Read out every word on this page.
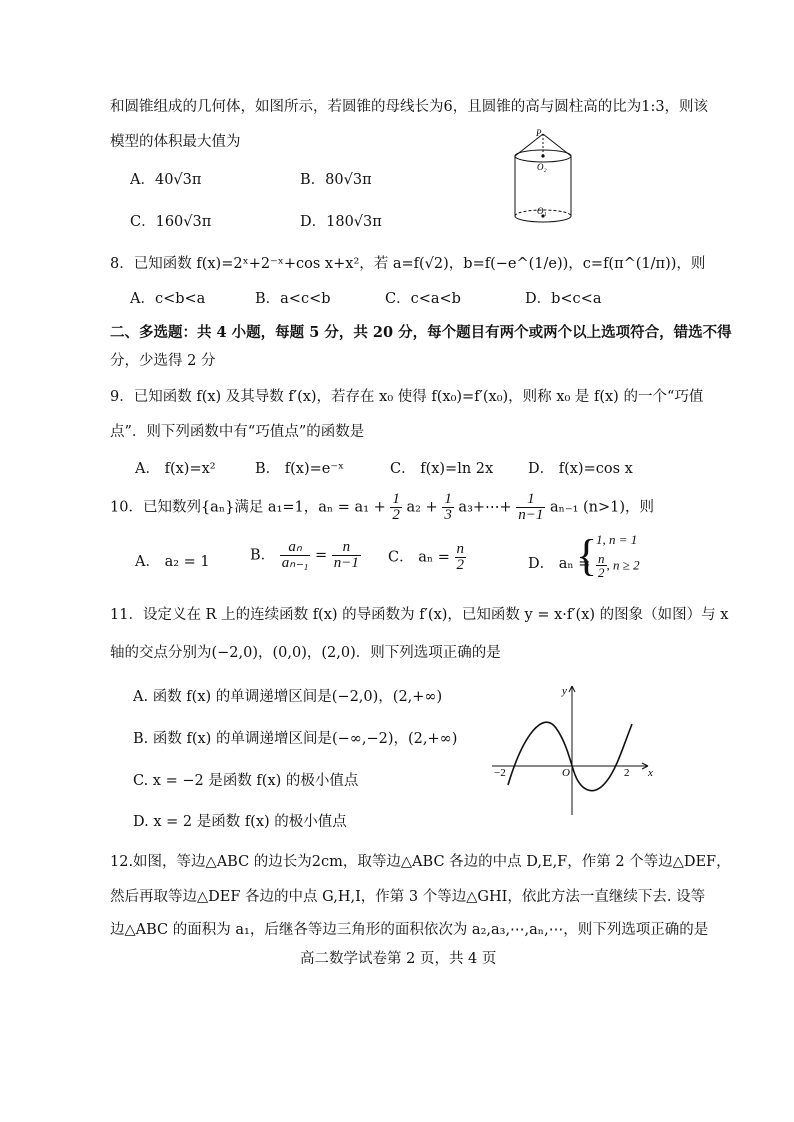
和圆锥组成的几何体，如图所示，若圆锥的母线长为6，且圆锥的高与圆柱高的比为1:3，则该
模型的体积最大值为
A．40√3π	B．80√3π
C．160√3π	D．180√3π
P
O₂
O₁
8．已知函数 f(x)=2ˣ+2⁻ˣ+cos x+x²，若 a=f(√2)，b=f(−e^(1/e))，c=f(π^(1/π))，则
A．c<b<a	B．a<c<b	C．c<a<b	D．b<c<a
二、多选题：共 4 小题，每题 5 分，共 20 分，每个题目有两个或两个以上选项符合，错选不得
分，少选得 2 分
9．已知函数 f(x) 及其导数 f′(x)，若存在 x₀ 使得 f(x₀)=f′(x₀)，则称 x₀ 是 f(x) 的一个“巧值
点”．则下列函数中有“巧值点”的函数是
A． f(x)=x²	B． f(x)=e⁻ˣ	C． f(x)=ln 2x D． f(x)=cos x
10．已知数列{aₙ}满足 a₁=1，$a_n = a_1 + \frac{1}{2} a_2 + \frac{1}{3}$ a₃+⋯+ $\frac{1}{n-1} a_{n-1}$ (n>1)，则
A． a₂ = 1	B． $\frac{\text{aₙ}}{\text{aₙ₋₁}} = \frac{n}{n-1}$ C． $a_n = \frac{n}{2}$	D． aₙ =
{
1, n = 1
$\frac{n}{2}$ , n ≥ 2
11．设定义在 R 上的连续函数 f(x) 的导函数为 f′(x)，已知函数 y = x·f′(x) 的图象（如图）与 x
轴的交点分别为(−2,0)，(0,0)，(2,0)．则下列选项正确的是
A. 函数 f(x) 的单调递增区间是(−2,0)，(2,+∞)
B. 函数 f(x) 的单调递增区间是(−∞,−2)，(2,+∞)
C. x = −2 是函数 f(x) 的极小值点
D. x = 2 是函数 f(x) 的极小值点
y
x
O
−2	2
12.如图，等边△ABC 的边长为2cm，取等边△ABC 各边的中点 D,E,F，作第 2 个等边△DEF，
然后再取等边△DEF 各边的中点 G,H,I，作第 3 个等边△GHI，依此方法一直继续下去. 设等
边△ABC 的面积为 a₁，后继各等边三角形的面积依次为 a₂,a₃,⋯,aₙ,⋯，则下列选项正确的是
高二数学试卷第 2 页，共 4 页
